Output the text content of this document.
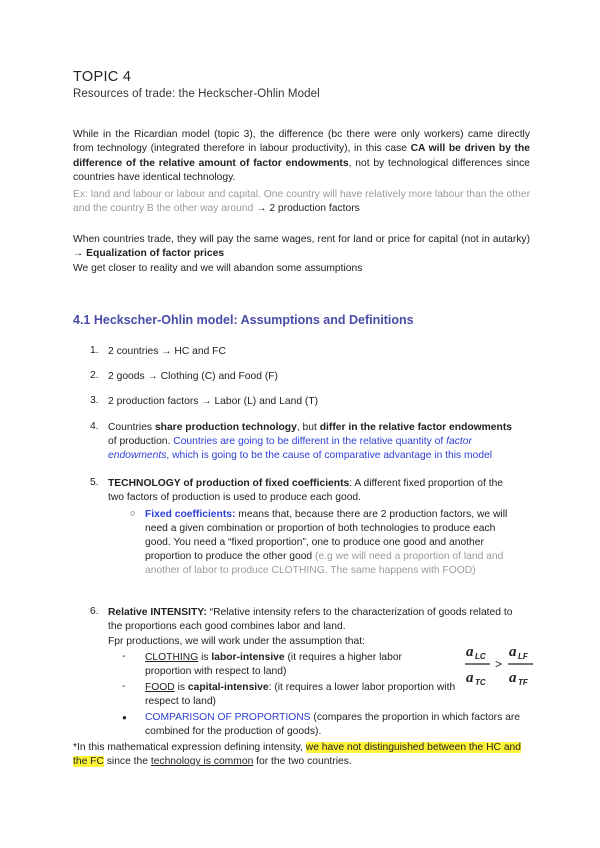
TOPIC 4
Resources of trade: the Heckscher-Ohlin Model
While in the Ricardian model (topic 3), the difference (bc there were only workers) came directly from technology (integrated therefore in labour productivity), in this case CA will be driven by the difference of the relative amount of factor endowments, not by technological differences since countries have identical technology.
Ex: land and labour or labour and capital. One country will have relatively more labour than the other and the country B the other way around → 2 production factors
When countries trade, they will pay the same wages, rent for land or price for capital (not in autarky) → Equalization of factor prices
We get closer to reality and we will abandon some assumptions
4.1 Heckscher-Ohlin model: Assumptions and Definitions
1. 2 countries → HC and FC
2. 2 goods → Clothing (C) and Food (F)
3. 2 production factors → Labor (L) and Land (T)
4. Countries share production technology, but differ in the relative factor endowments of production. Countries are going to be different in the relative quantity of factor endowments, which is going to be the cause of comparative advantage in this model
5. TECHNOLOGY of production of fixed coefficients: A different fixed proportion of the two factors of production is used to produce each good.
○ Fixed coefficients: means that, because there are 2 production factors, we will need a given combination or proportion of both technologies to produce each good. You need a “fixed proportion”, one to produce one good and another proportion to produce the other good (e.g we will need a proportion of land and another of labor to produce CLOTHING. The same happens with FOOD)
6. Relative INTENSITY: “Relative intensity refers to the characterization of goods related to the proportions each good combines labor and land.
Fpr productions, we will work under the assumption that:
- CLOTHING is labor-intensive (it requires a higher labor proportion with respect to land)
- FOOD is capital-intensive: (it requires a lower labor proportion with respect to land)
● COMPARISON OF PROPORTIONS (compares the proportion in which factors are combined for the production of goods).
a LC
a TC
>
a LF
a TF
*In this mathematical expression defining intensity, we have not distinguished between the HC and the FC since the technology is common for the two countries.
